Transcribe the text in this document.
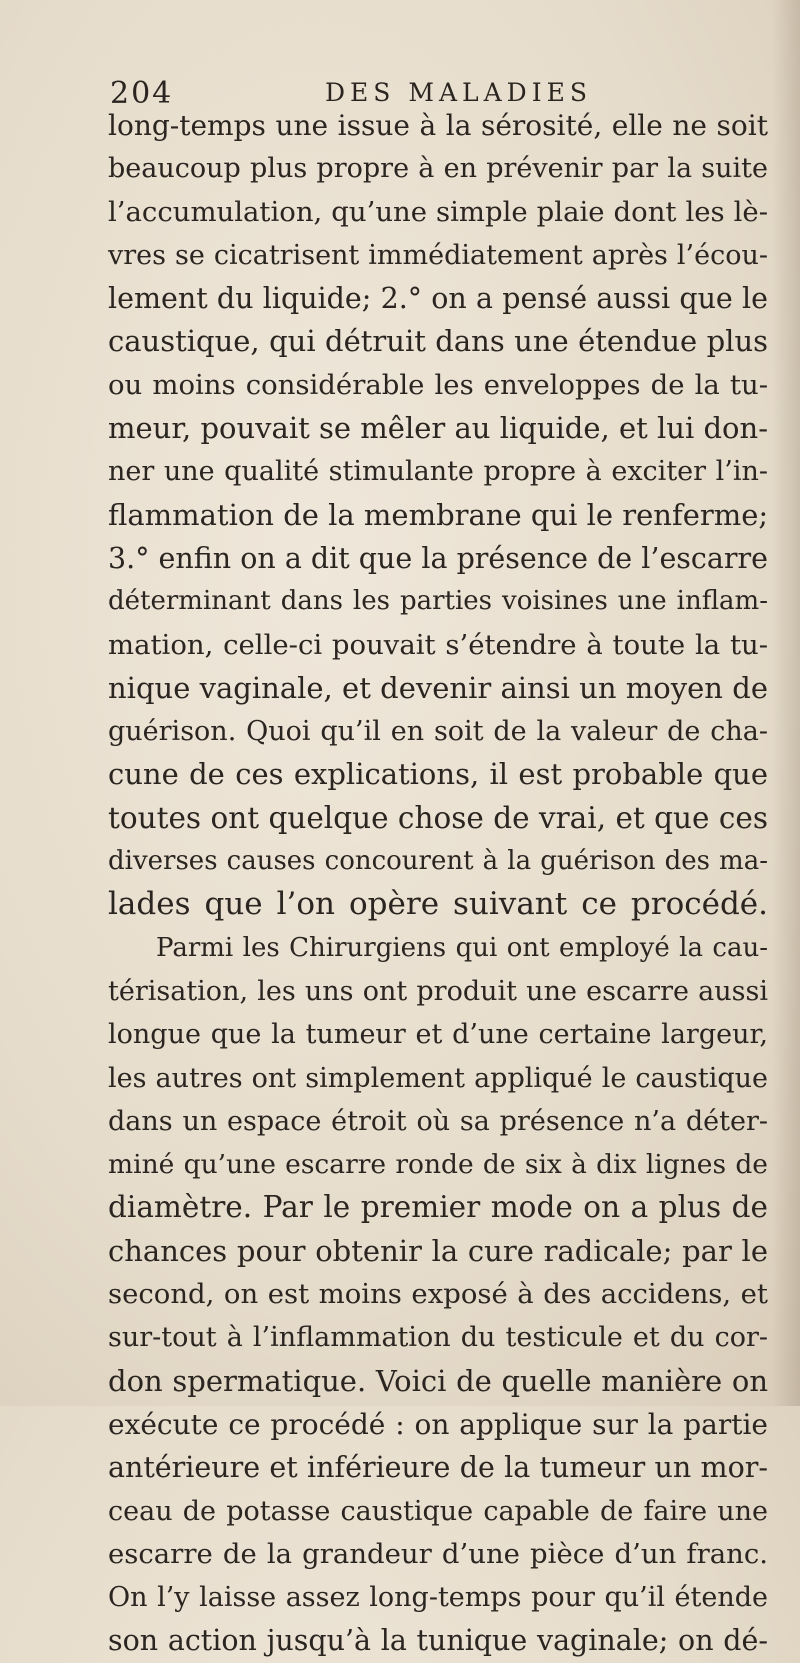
204	DES MALADIES
long-temps une issue à la sérosité, elle ne soit
beaucoup plus propre à en prévenir par la suite
l’accumulation, qu’une simple plaie dont les lè-
vres se cicatrisent immédiatement après l’écou-
lement du liquide; 2.° on a pensé aussi que le
caustique, qui détruit dans une étendue plus
ou moins considérable les enveloppes de la tu-
meur, pouvait se mêler au liquide, et lui don-
ner une qualité stimulante propre à exciter l’in-
flammation de la membrane qui le renferme;
3.° enfin on a dit que la présence de l’escarre
déterminant dans les parties voisines une inflam-
mation, celle-ci pouvait s’étendre à toute la tu-
nique vaginale, et devenir ainsi un moyen de
guérison. Quoi qu’il en soit de la valeur de cha-
cune de ces explications, il est probable que
toutes ont quelque chose de vrai, et que ces
diverses causes concourent à la guérison des ma-
lades que l’on opère suivant ce procédé.
Parmi les Chirurgiens qui ont employé la cau-
térisation, les uns ont produit une escarre aussi
longue que la tumeur et d’une certaine largeur,
les autres ont simplement appliqué le caustique
dans un espace étroit où sa présence n’a déter-
miné qu’une escarre ronde de six à dix lignes de
diamètre. Par le premier mode on a plus de
chances pour obtenir la cure radicale; par le
second, on est moins exposé à des accidens, et
sur-tout à l’inflammation du testicule et du cor-
don spermatique. Voici de quelle manière on
exécute ce procédé : on applique sur la partie
antérieure et inférieure de la tumeur un mor-
ceau de potasse caustique capable de faire une
escarre de la grandeur d’une pièce d’un franc.
On l’y laisse assez long-temps pour qu’il étende
son action jusqu’à la tunique vaginale; on dé-
